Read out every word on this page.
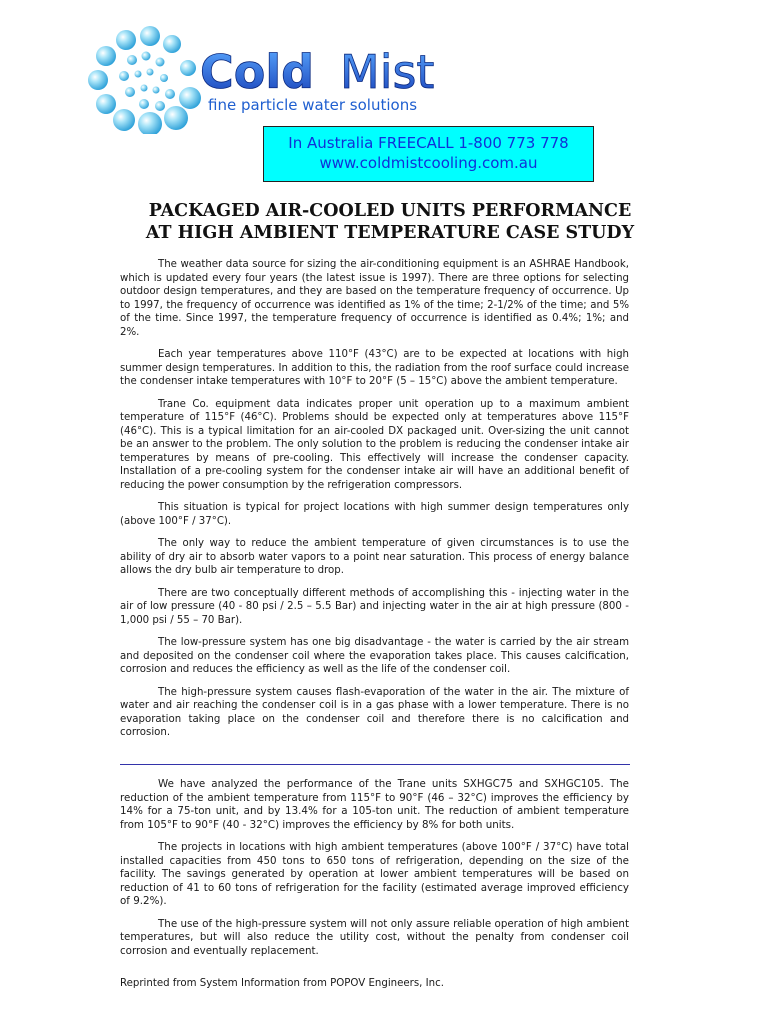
Cold Mist
fine particle water solutions
In Australia FREECALL 1-800 773 778
www.coldmistcooling.com.au
PACKAGED AIR-COOLED UNITS PERFORMANCE
AT HIGH AMBIENT TEMPERATURE CASE STUDY

The weather data source for sizing the air-conditioning equipment is an ASHRAE Handbook, which is updated every four years (the latest issue is 1997). There are three options for selecting outdoor design temperatures, and they are based on the temperature frequency of occurrence. Up to 1997, the frequency of occurrence was identified as 1% of the time; 2-1/2% of the time; and 5% of the time. Since 1997, the temperature frequency of occurrence is identified as 0.4%; 1%; and 2%.

Each year temperatures above 110°F (43°C) are to be expected at locations with high summer design temperatures. In addition to this, the radiation from the roof surface could increase the condenser intake temperatures with 10°F to 20°F (5 – 15°C) above the ambient temperature.

Trane Co. equipment data indicates proper unit operation up to a maximum ambient temperature of 115°F (46°C). Problems should be expected only at temperatures above 115°F (46°C). This is a typical limitation for an air-cooled DX packaged unit. Over-sizing the unit cannot be an answer to the problem. The only solution to the problem is reducing the condenser intake air temperatures by means of pre-cooling. This effectively will increase the condenser capacity. Installation of a pre-cooling system for the condenser intake air will have an additional benefit of reducing the power consumption by the refrigeration compressors.

This situation is typical for project locations with high summer design temperatures only (above 100°F / 37°C).

The only way to reduce the ambient temperature of given circumstances is to use the ability of dry air to absorb water vapors to a point near saturation. This process of energy balance allows the dry bulb air temperature to drop.

There are two conceptually different methods of accomplishing this - injecting water in the air of low pressure (40 - 80 psi / 2.5 – 5.5 Bar) and injecting water in the air at high pressure (800 - 1,000 psi / 55 – 70 Bar).

The low-pressure system has one big disadvantage - the water is carried by the air stream and deposited on the condenser coil where the evaporation takes place. This causes calcification, corrosion and reduces the efficiency as well as the life of the condenser coil.

The high-pressure system causes flash-evaporation of the water in the air. The mixture of water and air reaching the condenser coil is in a gas phase with a lower temperature. There is no evaporation taking place on the condenser coil and therefore there is no calcification and corrosion.

We have analyzed the performance of the Trane units SXHGC75 and SXHGC105. The reduction of the ambient temperature from 115°F to 90°F (46 – 32°C) improves the efficiency by 14% for a 75-ton unit, and by 13.4% for a 105-ton unit. The reduction of ambient temperature from 105°F to 90°F (40 - 32°C) improves the efficiency by 8% for both units.

The projects in locations with high ambient temperatures (above 100°F / 37°C) have total installed capacities from 450 tons to 650 tons of refrigeration, depending on the size of the facility. The savings generated by operation at lower ambient temperatures will be based on reduction of 41 to 60 tons of refrigeration for the facility (estimated average improved efficiency of 9.2%).

The use of the high-pressure system will not only assure reliable operation of high ambient temperatures, but will also reduce the utility cost, without the penalty from condenser coil corrosion and eventually replacement.

Reprinted from System Information from POPOV Engineers, Inc.
